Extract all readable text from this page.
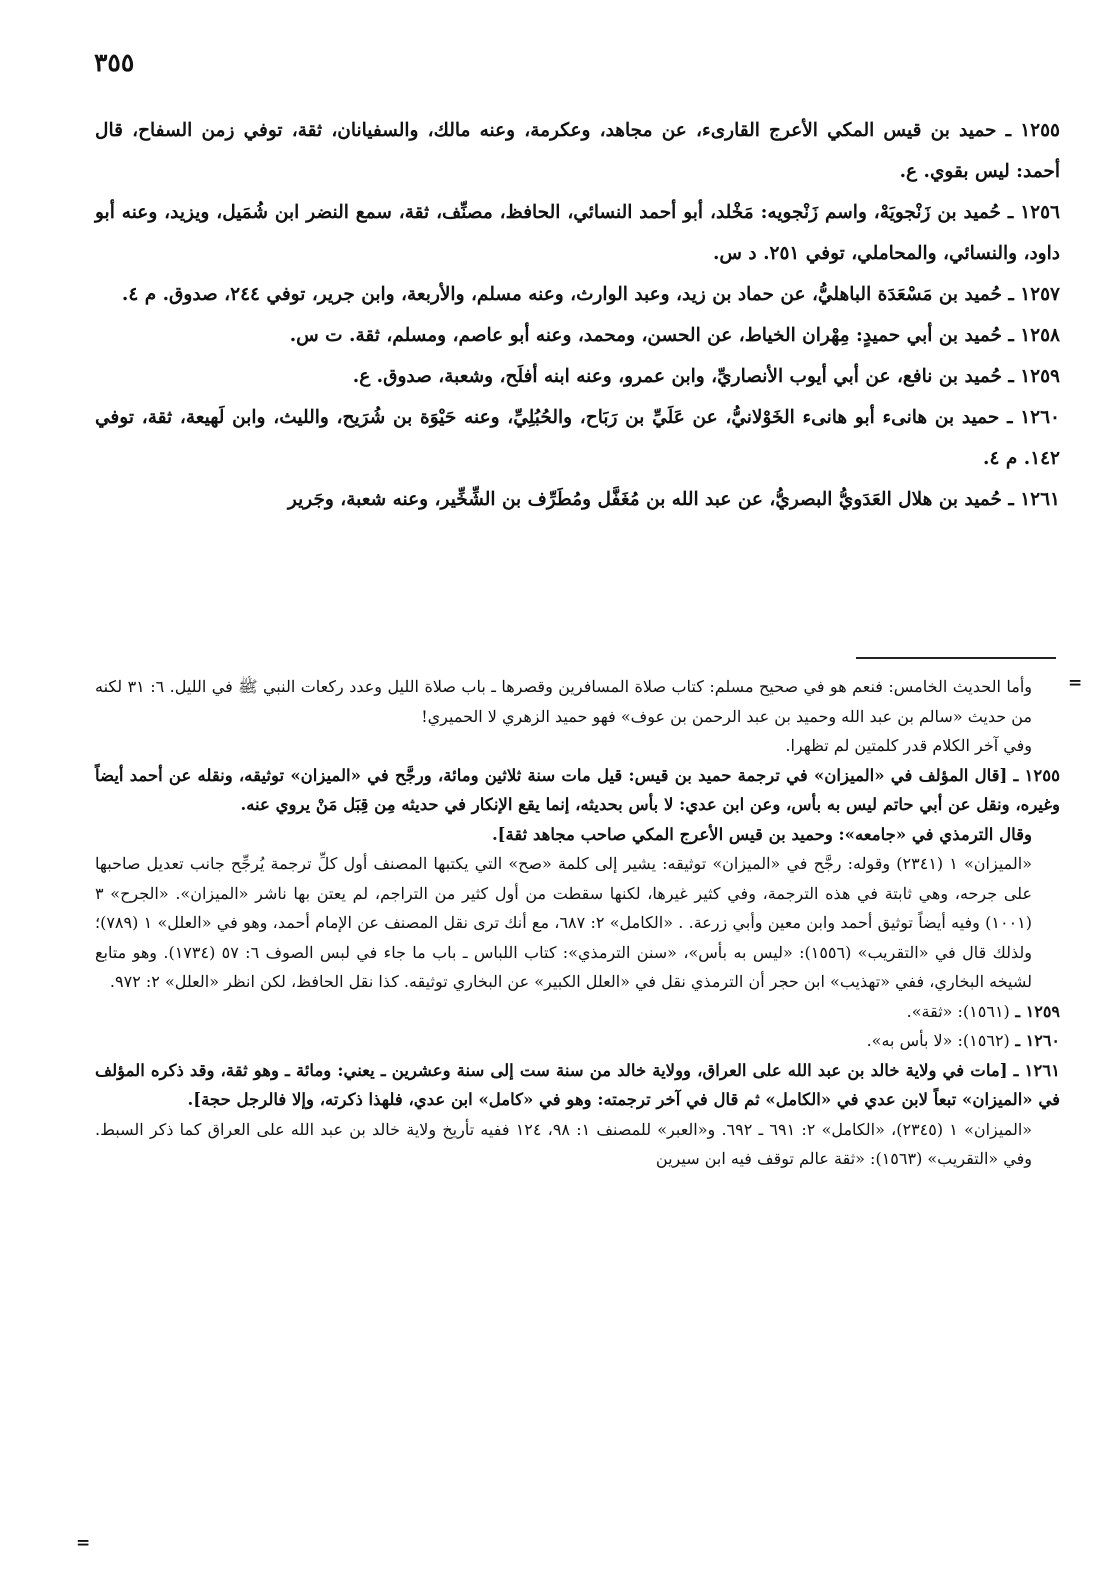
٣٥٥
١٢٥٥ ـ حميد بن قيس المكي الأعرج القارىء، عن مجاهد، وعكرمة، وعنه مالك، والسفيانان، ثقة، توفي زمن السفاح، قال أحمد: ليس بقوي. ع.
١٢٥٦ ـ حُميد بن زَنْجويَهْ، واسم زَنْجويه: مَخْلد، أبو أحمد النسائي، الحافظ، مصنِّف، ثقة، سمع النضر ابن شُمَيل، ويزيد، وعنه أبو داود، والنسائي، والمحاملي، توفي ٢٥١. د س.
١٢٥٧ ـ حُميد بن مَسْعَدَة الباهليُّ، عن حماد بن زيد، وعبد الوارث، وعنه مسلم، والأربعة، وابن جرير، توفي ٢٤٤، صدوق. م ٤.
١٢٥٨ ـ حُميد بن أبي حميدٍ: مِهْران الخياط، عن الحسن، ومحمد، وعنه أبو عاصم، ومسلم، ثقة. ت س.
١٢٥٩ ـ حُميد بن نافع، عن أبي أيوب الأنصاريِّ، وابن عمرو، وعنه ابنه أفلَح، وشعبة، صدوق. ع.
١٢٦٠ ـ حميد بن هانىء أبو هانىء الخَوْلانيُّ، عن عَلَيِّ بن رَبَاح، والحُبُلِيِّ، وعنه حَيْوَة بن شُرَيح، والليث، وابن لَهيعة، ثقة، توفي ١٤٢. م ٤.
١٢٦١ ـ حُميد بن هلال العَدَويُّ البصريُّ، عن عبد الله بن مُغَفَّل ومُطَرِّف بن الشِّخِّير، وعنه شعبة، وجَرير
=
وأما الحديث الخامس: فنعم هو في صحيح مسلم: كتاب صلاة المسافرين وقصرها ـ باب صلاة الليل وعدد ركعات النبي ﷺ في الليل. ٦: ٣١ لكنه من حديث «سالم بن عبد الله وحميد بن عبد الرحمن بن عوف» فهو حميد الزهري لا الحميري!
وفي آخر الكلام قدر كلمتين لم تظهرا.
١٢٥٥ ـ [قال المؤلف في «الميزان» في ترجمة حميد بن قيس: قيل مات سنة ثلاثين ومائة، ورجَّح في «الميزان» توثيقه، ونقله عن أحمد أيضاً وغيره، ونقل عن أبي حاتم ليس به بأس، وعن ابن عدي: لا بأس بحديثه، إنما يقع الإنكار في حديثه مِن قِبَل مَنْ يروي عنه.
وقال الترمذي في «جامعه»: وحميد بن قيس الأعرج المكي صاحب مجاهد ثقة].
«الميزان» ١ (٢٣٤١) وقوله: رجَّح في «الميزان» توثيقه: يشير إلى كلمة «صح» التي يكتبها المصنف أول كلِّ ترجمة يُرجِّح جانب تعديل صاحبها على جرحه، وهي ثابتة في هذه الترجمة، وفي كثير غيرها، لكنها سقطت من أول كثير من التراجم، لم يعتن بها ناشر «الميزان». «الجرح» ٣ (١٠٠١) وفيه أيضاً توثيق أحمد وابن معين وأبي زرعة. . «الكامل» ٢: ٦٨٧، مع أنك ترى نقل المصنف عن الإمام أحمد، وهو في «العلل» ١ (٧٨٩)؛ ولذلك قال في «التقريب» (١٥٥٦): «ليس به بأس»، «سنن الترمذي»: كتاب اللباس ـ باب ما جاء في لبس الصوف ٦: ٥٧ (١٧٣٤). وهو متابع لشيخه البخاري، ففي «تهذيب» ابن حجر أن الترمذي نقل في «العلل الكبير» عن البخاري توثيقه. كذا نقل الحافظ، لكن انظر «العلل» ٢: ٩٧٢.
١٢٥٩ ـ (١٥٦١): «ثقة».
١٢٦٠ ـ (١٥٦٢): «لا بأس به».
١٢٦١ ـ [مات في ولاية خالد بن عبد الله على العراق، وولاية خالد من سنة ست إلى سنة وعشرين ـ يعني: ومائة ـ وهو ثقة، وقد ذكره المؤلف في «الميزان» تبعاً لابن عدي في «الكامل» ثم قال في آخر ترجمته: وهو في «كامل» ابن عدي، فلهذا ذكرته، وإلا فالرجل حجة].
«الميزان» ١ (٢٣٤٥)، «الكامل» ٢: ٦٩١ ـ ٦٩٢. و«العبر» للمصنف ١: ٩٨، ١٢٤ ففيه تأريخ ولاية خالد بن عبد الله على العراق كما ذكر السبط. وفي «التقريب» (١٥٦٣): «ثقة عالم توقف فيه ابن سيرين
=
